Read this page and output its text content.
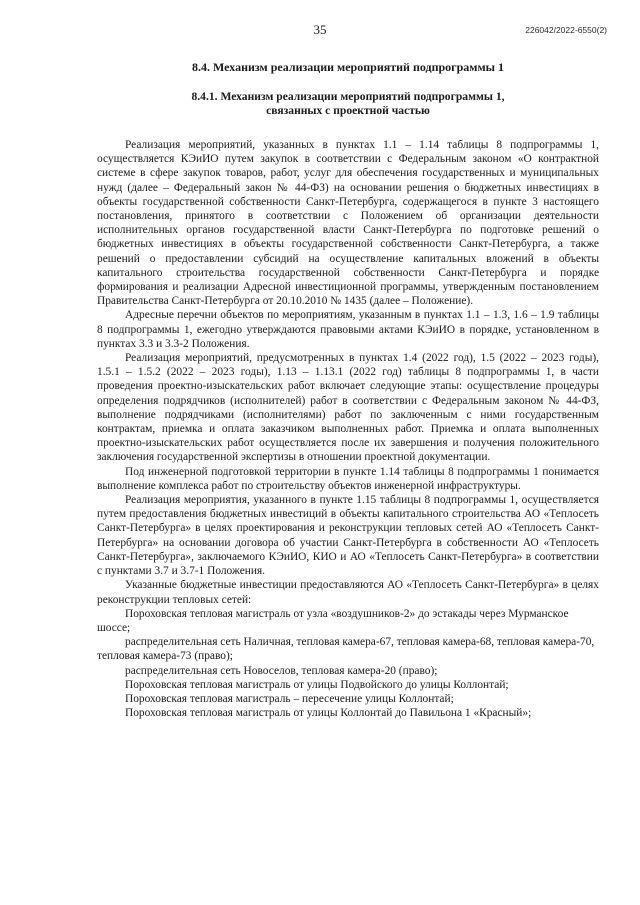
35	226042/2022-6550(2)
8.4. Механизм реализации мероприятий подпрограммы 1
8.4.1. Механизм реализации мероприятий подпрограммы 1,
связанных с проектной частью

Реализация мероприятий, указанных в пунктах 1.1 – 1.14 таблицы 8 подпрограммы 1, осуществляется КЭиИО путем закупок в соответствии с Федеральным законом «О контрактной системе в сфере закупок товаров, работ, услуг для обеспечения государственных и муниципальных нужд (далее – Федеральный закон № 44-ФЗ) на основании решения о бюджетных инвестициях в объекты государственной собственности Санкт-Петербурга, содержащегося в пункте 3 настоящего постановления, принятого в соответствии с Положением об организации деятельности исполнительных органов государственной власти Санкт-Петербурга по подготовке решений о бюджетных инвестициях в объекты государственной собственности Санкт-Петербурга, а также решений о предоставлении субсидий на осуществление капитальных вложений в объекты капитального строительства государственной собственности Санкт-Петербурга и порядке формирования и реализации Адресной инвестиционной программы, утвержденным постановлением Правительства Санкт-Петербурга от 20.10.2010 № 1435 (далее – Положение).

Адресные перечни объектов по мероприятиям, указанным в пунктах 1.1 – 1.3, 1.6 – 1.9 таблицы 8 подпрограммы 1, ежегодно утверждаются правовыми актами КЭиИО в порядке, установленном в пунктах 3.3 и 3.3-2 Положения.

Реализация мероприятий, предусмотренных в пунктах 1.4 (2022 год), 1.5 (2022 – 2023 годы), 1.5.1 – 1.5.2 (2022 – 2023 годы), 1.13 – 1.13.1 (2022 год) таблицы 8 подпрограммы 1, в части проведения проектно-изыскательских работ включает следующие этапы: осуществление процедуры определения подрядчиков (исполнителей) работ в соответствии с Федеральным законом № 44-ФЗ, выполнение подрядчиками (исполнителями) работ по заключенным с ними государственным контрактам, приемка и оплата заказчиком выполненных работ. Приемка и оплата выполненных проектно-изыскательских работ осуществляется после их завершения и получения положительного заключения государственной экспертизы в отношении проектной документации.

Под инженерной подготовкой территории в пункте 1.14 таблицы 8 подпрограммы 1 понимается выполнение комплекса работ по строительству объектов инженерной инфраструктуры.

Реализация мероприятия, указанного в пункте 1.15 таблицы 8 подпрограммы 1, осуществляется путем предоставления бюджетных инвестиций в объекты капитального строительства АО «Теплосеть Санкт-Петербурга» в целях проектирования и реконструкции тепловых сетей АО «Теплосеть Санкт-Петербурга» на основании договора об участии Санкт-Петербурга в собственности АО «Теплосеть Санкт-Петербурга», заключаемого КЭиИО, КИО и АО «Теплосеть Санкт-Петербурга» в соответствии с пунктами 3.7 и 3.7-1 Положения.

Указанные бюджетные инвестиции предоставляются АО «Теплосеть Санкт-Петербурга» в целях реконструкции тепловых сетей:

Пороховская тепловая магистраль от узла «воздушников-2» до эстакады через Мурманское шоссе;

распределительная сеть Наличная, тепловая камера-67, тепловая камера-68, тепловая камера-70, тепловая камера-73 (право);

распределительная сеть Новоселов, тепловая камера-20 (право);

Пороховская тепловая магистраль от улицы Подвойского до улицы Коллонтай;

Пороховская тепловая магистраль – пересечение улицы Коллонтай;

Пороховская тепловая магистраль от улицы Коллонтай до Павильона 1 «Красный»;
